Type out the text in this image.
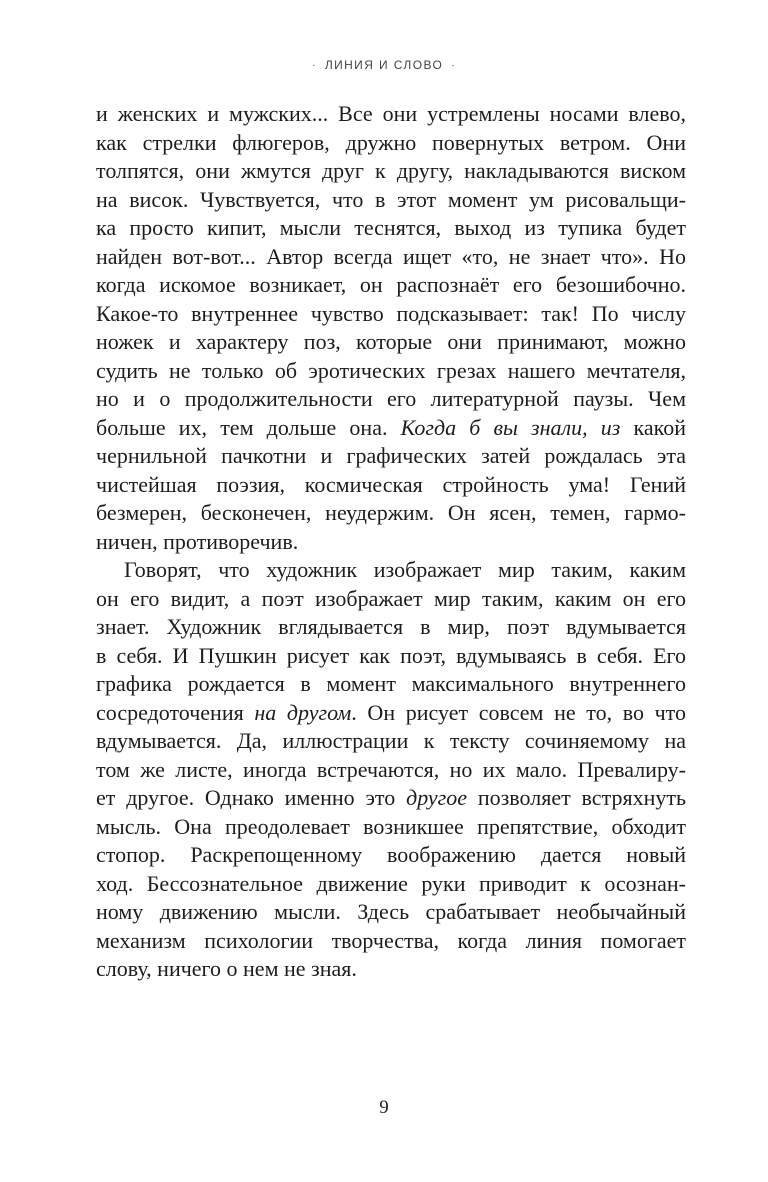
· ЛИНИЯ И СЛОВО ·
и женских и мужских... Все они устремлены носами влево,
как стрелки флюгеров, дружно повернутых ветром. Они
толпятся, они жмутся друг к другу, накладываются виском
на висок. Чувствуется, что в этот момент ум рисовальщи-
ка просто кипит, мысли теснятся, выход из тупика будет
найден вот-вот... Автор всегда ищет «то, не знает что». Но
когда искомое возникает, он распознаёт его безошибочно.
Какое-то внутреннее чувство подсказывает: так! По числу
ножек и характеру поз, которые они принимают, можно
судить не только об эротических грезах нашего мечтателя,
но и о продолжительности его литературной паузы. Чем
больше их, тем дольше она. Когда б вы знали, из какой
чернильной пачкотни и графических затей рождалась эта
чистейшая поэзия, космическая стройность ума! Гений
безмерен, бесконечен, неудержим. Он ясен, темен, гармо-
ничен, противоречив.
Говорят, что художник изображает мир таким, каким
он его видит, а поэт изображает мир таким, каким он его
знает. Художник вглядывается в мир, поэт вдумывается
в себя. И Пушкин рисует как поэт, вдумываясь в себя. Его
графика рождается в момент максимального внутреннего
сосредоточения на другом. Он рисует совсем не то, во что
вдумывается. Да, иллюстрации к тексту сочиняемому на
том же листе, иногда встречаются, но их мало. Превалиру-
ет другое. Однако именно это другое позволяет встряхнуть
мысль. Она преодолевает возникшее препятствие, обходит
стопор. Раскрепощенному воображению дается новый
ход. Бессознательное движение руки приводит к осознан-
ному движению мысли. Здесь срабатывает необычайный
механизм психологии творчества, когда линия помогает
слову, ничего о нем не зная.
9
